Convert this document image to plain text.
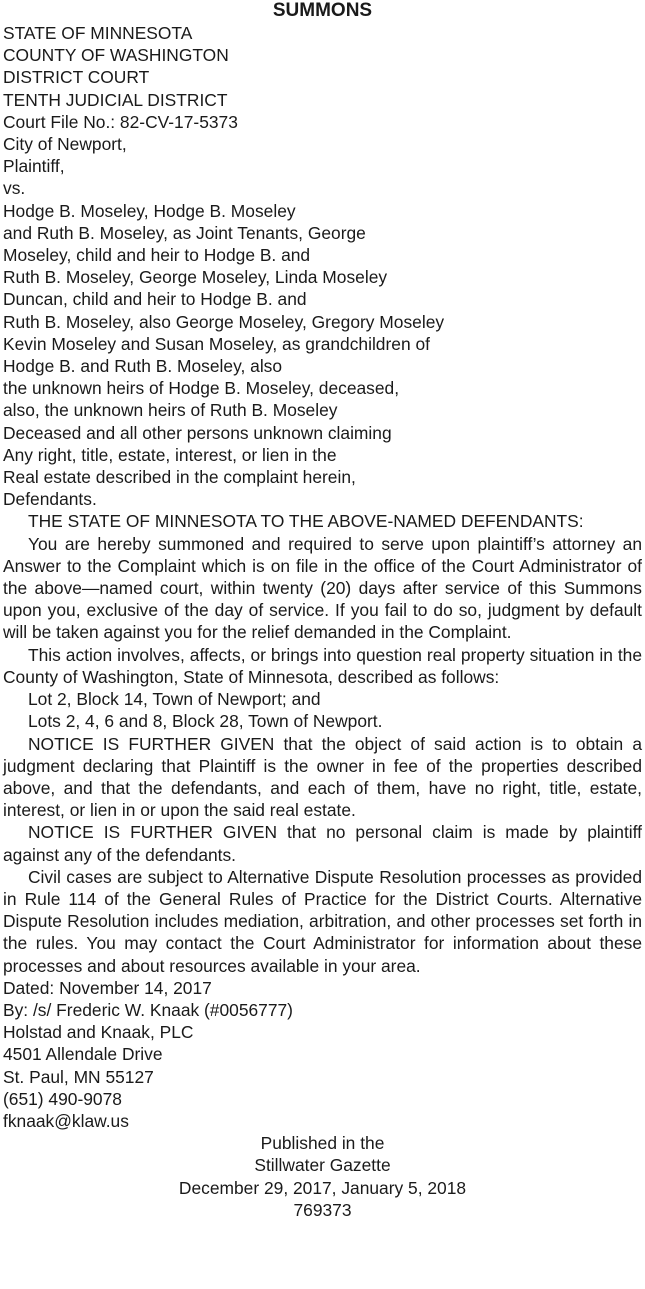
SUMMONS
STATE OF MINNESOTA
COUNTY OF WASHINGTON
DISTRICT COURT
TENTH JUDICIAL DISTRICT
Court File No.: 82-CV-17-5373
City of Newport,
Plaintiff,
vs.
Hodge B. Moseley, Hodge B. Moseley
and Ruth B. Moseley, as Joint Tenants, George
Moseley, child and heir to Hodge B. and
Ruth B. Moseley, George Moseley, Linda Moseley
Duncan, child and heir to Hodge B. and
Ruth B. Moseley, also George Moseley, Gregory Moseley
Kevin Moseley and Susan Moseley, as grandchildren of
Hodge B. and Ruth B. Moseley, also
the unknown heirs of Hodge B. Moseley, deceased,
also, the unknown heirs of Ruth B. Moseley
Deceased and all other persons unknown claiming
Any right, title, estate, interest, or lien in the
Real estate described in the complaint herein,
Defendants.

THE STATE OF MINNESOTA TO THE ABOVE-NAMED DEFENDANTS:

You are hereby summoned and required to serve upon plaintiff’s attorney an Answer to the Complaint which is on file in the office of the Court Administrator of the above—named court, within twenty (20) days after service of this Summons upon you, exclusive of the day of service. If you fail to do so, judgment by default will be taken against you for the relief demanded in the Complaint.

This action involves, affects, or brings into question real property situation in the County of Washington, State of Minnesota, described as follows:

Lot 2, Block 14, Town of Newport; and

Lots 2, 4, 6 and 8, Block 28, Town of Newport.

NOTICE IS FURTHER GIVEN that the object of said action is to obtain a judgment declaring that Plaintiff is the owner in fee of the properties described above, and that the defendants, and each of them, have no right, title, estate, interest, or lien in or upon the said real estate.

NOTICE IS FURTHER GIVEN that no personal claim is made by plaintiff against any of the defendants.

Civil cases are subject to Alternative Dispute Resolution processes as provided in Rule 114 of the General Rules of Practice for the District Courts. Alternative Dispute Resolution includes mediation, arbitration, and other processes set forth in the rules. You may contact the Court Administrator for information about these processes and about resources available in your area.

Dated: November 14, 2017
By: /s/ Frederic W. Knaak (#0056777)
Holstad and Knaak, PLC
4501 Allendale Drive
St. Paul, MN 55127
(651) 490-9078
fknaak@klaw.us
Published in the
Stillwater Gazette
December 29, 2017, January 5, 2018
769373
